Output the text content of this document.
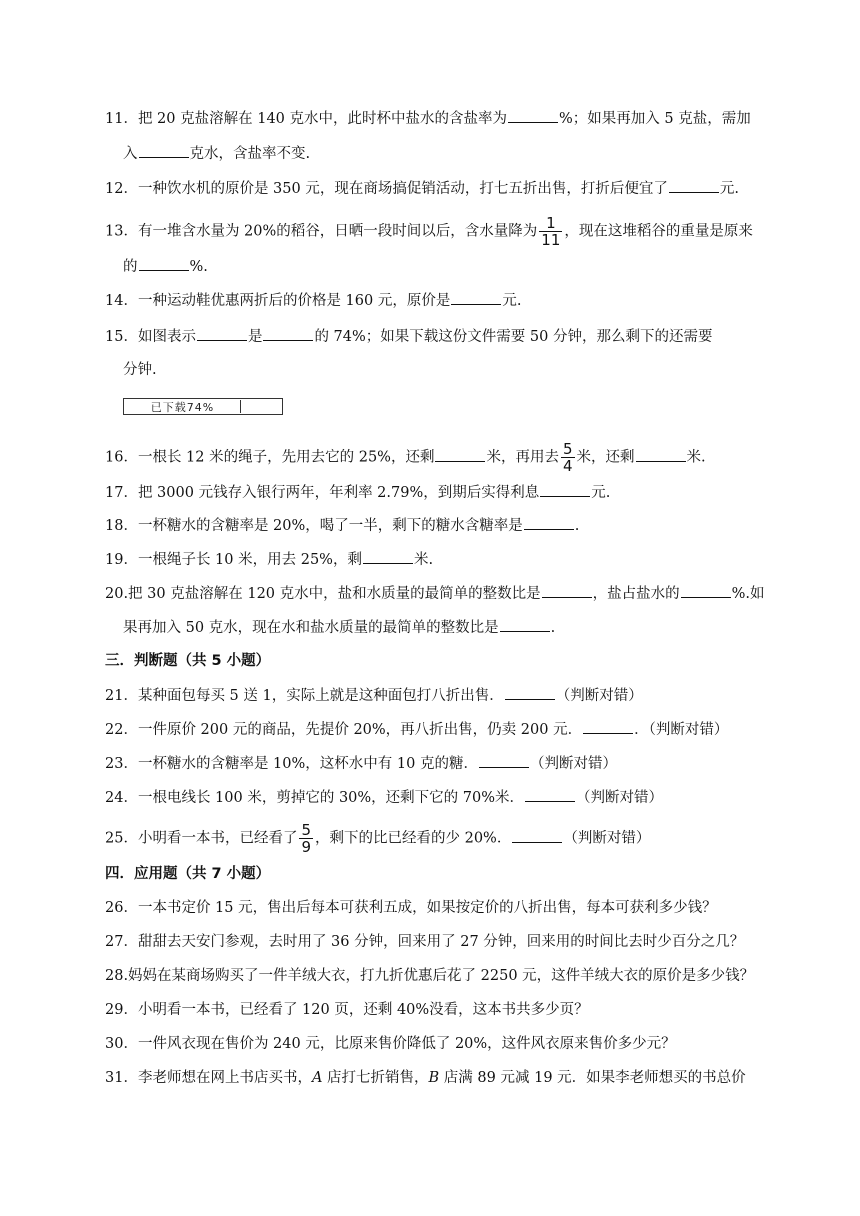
11．把 20 克盐溶解在 140 克水中，此时杯中盐水的含盐率为	%；如果再加入 5 克盐，需加
入	克水，含盐率不变.
12．一种饮水机的原价是 350 元，现在商场搞促销活动，打七五折出售，打折后便宜了	元.
13．有一堆含水量为 20%的稻谷，日晒一段时间以后，含水量降为 $\frac{1}{11}$ ，现在这堆稻谷的重量是原来
的	%.
14．一种运动鞋优惠两折后的价格是 160 元，原价是	元.
15．如图表示	是	的 74%；如果下载这份文件需要 50 分钟，那么剩下的还需要
分钟.
已下载74%
16．一根长 12 米的绳子，先用去它的 25%，还剩	米，再用去 $\frac{5}{4}$ 米，还剩	米.
17．把 3000 元钱存入银行两年，年利率 2.79%，到期后实得利息	元.
18．一杯糖水的含糖率是 20%，喝了一半，剩下的糖水含糖率是	.
19．一根绳子长 10 米，用去 25%，剩	米.
20.把 30 克盐溶解在 120 克水中，盐和水质量的最简单的整数比是	，盐占盐水的	%.如
果再加入 50 克水，现在水和盐水质量的最简单的整数比是	.
三．判断题（共 5 小题）
21．某种面包每买 5 送 1，实际上就是这种面包打八折出售．	（判断对错）
22．一件原价 200 元的商品，先提价 20%，再八折出售，仍卖 200 元．	．（判断对错）
23．一杯糖水的含糖率是 10%，这杯水中有 10 克的糖．	（判断对错）
24．一根电线长 100 米，剪掉它的 30%，还剩下它的 70%米．	（判断对错）
25．小明看一本书，已经看了 $\frac{5}{9}$ ，剩下的比已经看的少 20%．	（判断对错）
四．应用题（共 7 小题）
26．一本书定价 15 元，售出后每本可获利五成，如果按定价的八折出售，每本可获利多少钱？
27．甜甜去天安门参观，去时用了 36 分钟，回来用了 27 分钟，回来用的时间比去时少百分之几？
28.妈妈在某商场购买了一件羊绒大衣，打九折优惠后花了 2250 元，这件羊绒大衣的原价是多少钱？
29．小明看一本书，已经看了 120 页，还剩 40%没看，这本书共多少页？
30．一件风衣现在售价为 240 元，比原来售价降低了 20%，这件风衣原来售价多少元？
31．李老师想在网上书店买书，A 店打七折销售，B 店满 89 元减 19 元．如果李老师想买的书总价
